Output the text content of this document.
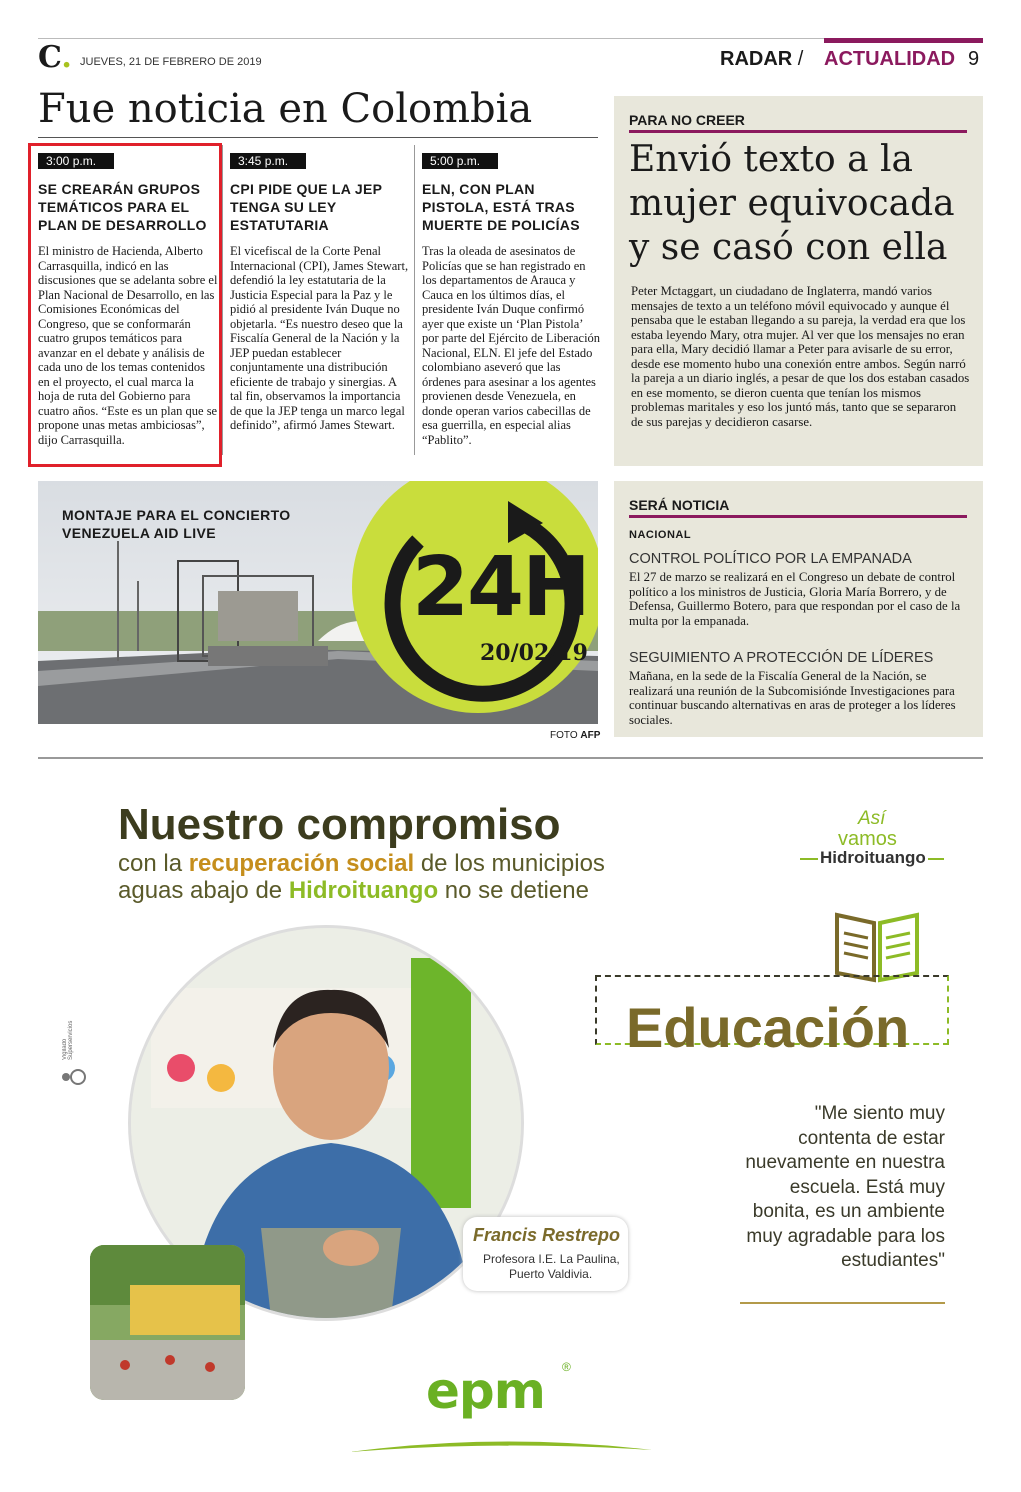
C. JUEVES, 21 DE FEBRERO DE 2019	RADAR / ACTUALIDAD 9
Fue noticia en Colombia
3:00 p.m.
SE CREARÁN GRUPOS TEMÁTICOS PARA EL PLAN DE DESARROLLO
El ministro de Hacienda, Alberto Carrasquilla, indicó en las discusiones que se adelanta sobre el Plan Nacional de Desarrollo, en las Comisiones Económicas del Congreso, que se conformarán cuatro grupos temáticos para avanzar en el debate y análisis de cada uno de los temas contenidos en el proyecto, el cual marca la hoja de ruta del Gobierno para cuatro años. “Este es un plan que se propone unas metas ambiciosas”, dijo Carrasquilla.
3:45 p.m.
CPI PIDE QUE LA JEP TENGA SU LEY ESTATUTARIA
El vicefiscal de la Corte Penal Internacional (CPI), James Stewart, defendió la ley estatutaria de la Justicia Especial para la Paz y le pidió al presidente Iván Duque no objetarla. “Es nuestro deseo que la Fiscalía General de la Nación y la JEP puedan establecer conjuntamente una distribución eficiente de trabajo y sinergias. A tal fin, observamos la importancia de que la JEP tenga un marco legal definido”, afirmó James Stewart.
5:00 p.m.
ELN, CON PLAN PISTOLA, ESTÁ TRAS MUERTE DE POLICÍAS
Tras la oleada de asesinatos de Policías que se han registrado en los departamentos de Arauca y Cauca en los últimos días, el presidente Iván Duque confirmó ayer que existe un ‘Plan Pistola’ por parte del Ejército de Liberación Nacional, ELN. El jefe del Estado colombiano aseveró que las órdenes para asesinar a los agentes provienen desde Venezuela, en donde operan varios cabecillas de esa guerrilla, en especial alias “Pablito”.
PARA NO CREER
Envió texto a la mujer equivocada y se casó con ella
Peter Mctaggart, un ciudadano de Inglaterra, mandó varios mensajes de texto a un teléfono móvil equivocado y aunque él pensaba que le estaban llegando a su pareja, la verdad era que los estaba leyendo Mary, otra mujer. Al ver que los mensajes no eran para ella, Mary decidió llamar a Peter para avisarle de su error, desde ese momento hubo una conexión entre ambos. Según narró la pareja a un diario inglés, a pesar de que los dos estaban casados en ese momento, se dieron cuenta que tenían los mismos problemas maritales y eso los juntó más, tanto que se separaron de sus parejas y decidieron casarse.
MONTAJE PARA EL CONCIERTO VENEZUELA AID LIVE
24H
20/02/19
FOTO AFP
SERÁ NOTICIA
NACIONAL
CONTROL POLÍTICO POR LA EMPANADA
El 27 de marzo se realizará en el Congreso un debate de control político a los ministros de Justicia, Gloria María Borrero, y de Defensa, Guillermo Botero, para que respondan por el caso de la multa por la empanada.
SEGUIMIENTO A PROTECCIÓN DE LÍDERES
Mañana, en la sede de la Fiscalía General de la Nación, se realizará una reunión de la Subcomisiónde Investigaciones para continuar buscando alternativas en aras de proteger a los líderes sociales.
Nuestro compromiso
con la recuperación social de los municipios
aguas abajo de Hidroituango no se detiene
Así
vamos
Hidroituango
Educación
"Me siento muy contenta de estar nuevamente en nuestra escuela. Está muy bonita, es un ambiente muy agradable para los estudiantes"
Francis Restrepo
Profesora I.E. La Paulina,
Puerto Valdivia.
Vigilado Superservicios
epm ®
